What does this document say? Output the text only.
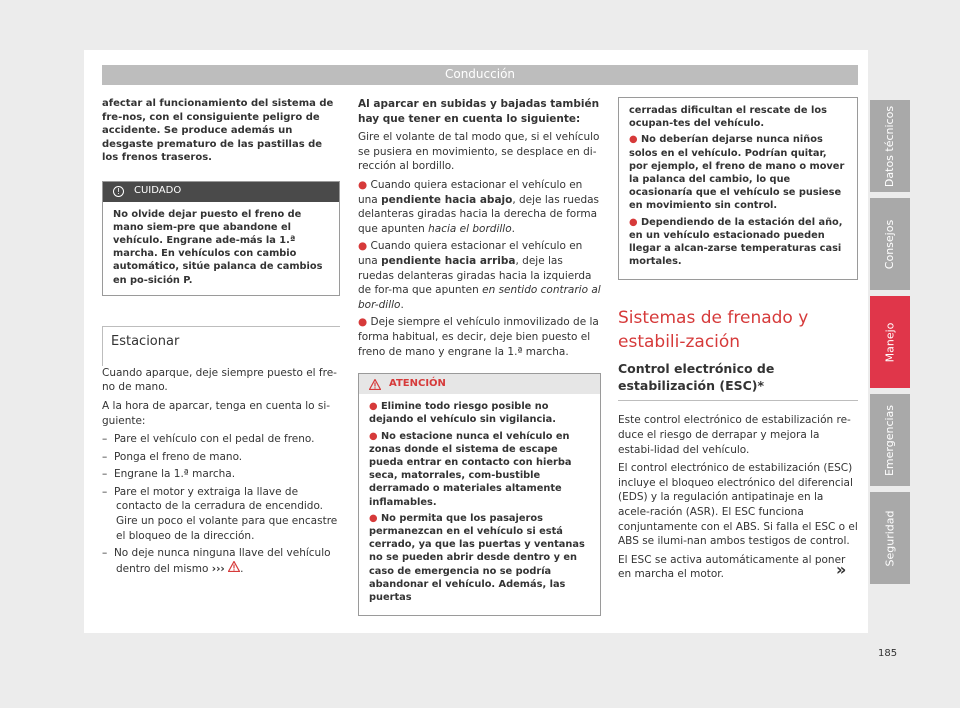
Conducción
afectar al funcionamiento del sistema de fre-nos, con el consiguiente peligro de accidente. Se produce además un desgaste prematuro de las pastillas de los frenos traseros.
!	CUIDADO
No olvide dejar puesto el freno de mano siem-pre que abandone el vehículo. Engrane ade-más la 1.ª marcha. En vehículos con cambio automático, sitúe palanca de cambios en po-sición P.
Estacionar

Cuando aparque, deje siempre puesto el fre-no de mano.

A la hora de aparcar, tenga en cuenta lo si-guiente:

– Pare el vehículo con el pedal de freno.
– Ponga el freno de mano.
– Engrane la 1.ª marcha.
– Pare el motor y extraiga la llave de contacto de la cerradura de encendido. Gire un poco el volante para que encastre el bloqueo de la dirección.
– No deje nunca ninguna llave del vehículo dentro del mismo ››› .

Al aparcar en subidas y bajadas también hay que tener en cuenta lo siguiente:

Gire el volante de tal modo que, si el vehículo se pusiera en movimiento, se desplace en di-rección al bordillo.

● Cuando quiera estacionar el vehículo en una pendiente hacia abajo, deje las ruedas delanteras giradas hacia la derecha de forma que apunten hacia el bordillo.

● Cuando quiera estacionar el vehículo en una pendiente hacia arriba, deje las ruedas delanteras giradas hacia la izquierda de for-ma que apunten en sentido contrario al bor-dillo.

● Deje siempre el vehículo inmovilizado de la forma habitual, es decir, deje bien puesto el freno de mano y engrane la 1.ª marcha.

ATENCIÓN
● Elimine todo riesgo posible no dejando el vehículo sin vigilancia.
● No estacione nunca el vehículo en zonas donde el sistema de escape pueda entrar en contacto con hierba seca, matorrales, com-bustible derramado o materiales altamente inflamables.
● No permita que los pasajeros permanezcan en el vehículo si está cerrado, ya que las puertas y ventanas no se pueden abrir desde dentro y en caso de emergencia no se podría abandonar el vehículo. Además, las puertas
cerradas dificultan el rescate de los ocupan-tes del vehículo.
● No deberían dejarse nunca niños solos en el vehículo. Podrían quitar, por ejemplo, el freno de mano o mover la palanca del cambio, lo que ocasionaría que el vehículo se pusiese en movimiento sin control.
● Dependiendo de la estación del año, en un vehículo estacionado pueden llegar a alcan-zarse temperaturas casi mortales.
Sistemas de frenado y estabili-zación
Control electrónico de estabilización (ESC)*

Este control electrónico de estabilización re-duce el riesgo de derrapar y mejora la estabi-lidad del vehículo.

El control electrónico de estabilización (ESC) incluye el bloqueo electrónico del diferencial (EDS) y la regulación antipatinaje en la acele-ración (ASR). El ESC funciona conjuntamente con el ABS. Si falla el ESC o el ABS se ilumi-nan ambos testigos de control.

El ESC se activa automáticamente al poner en marcha el motor.	»
Datos técnicos
Consejos
Manejo
Emergencias
Seguridad
185
